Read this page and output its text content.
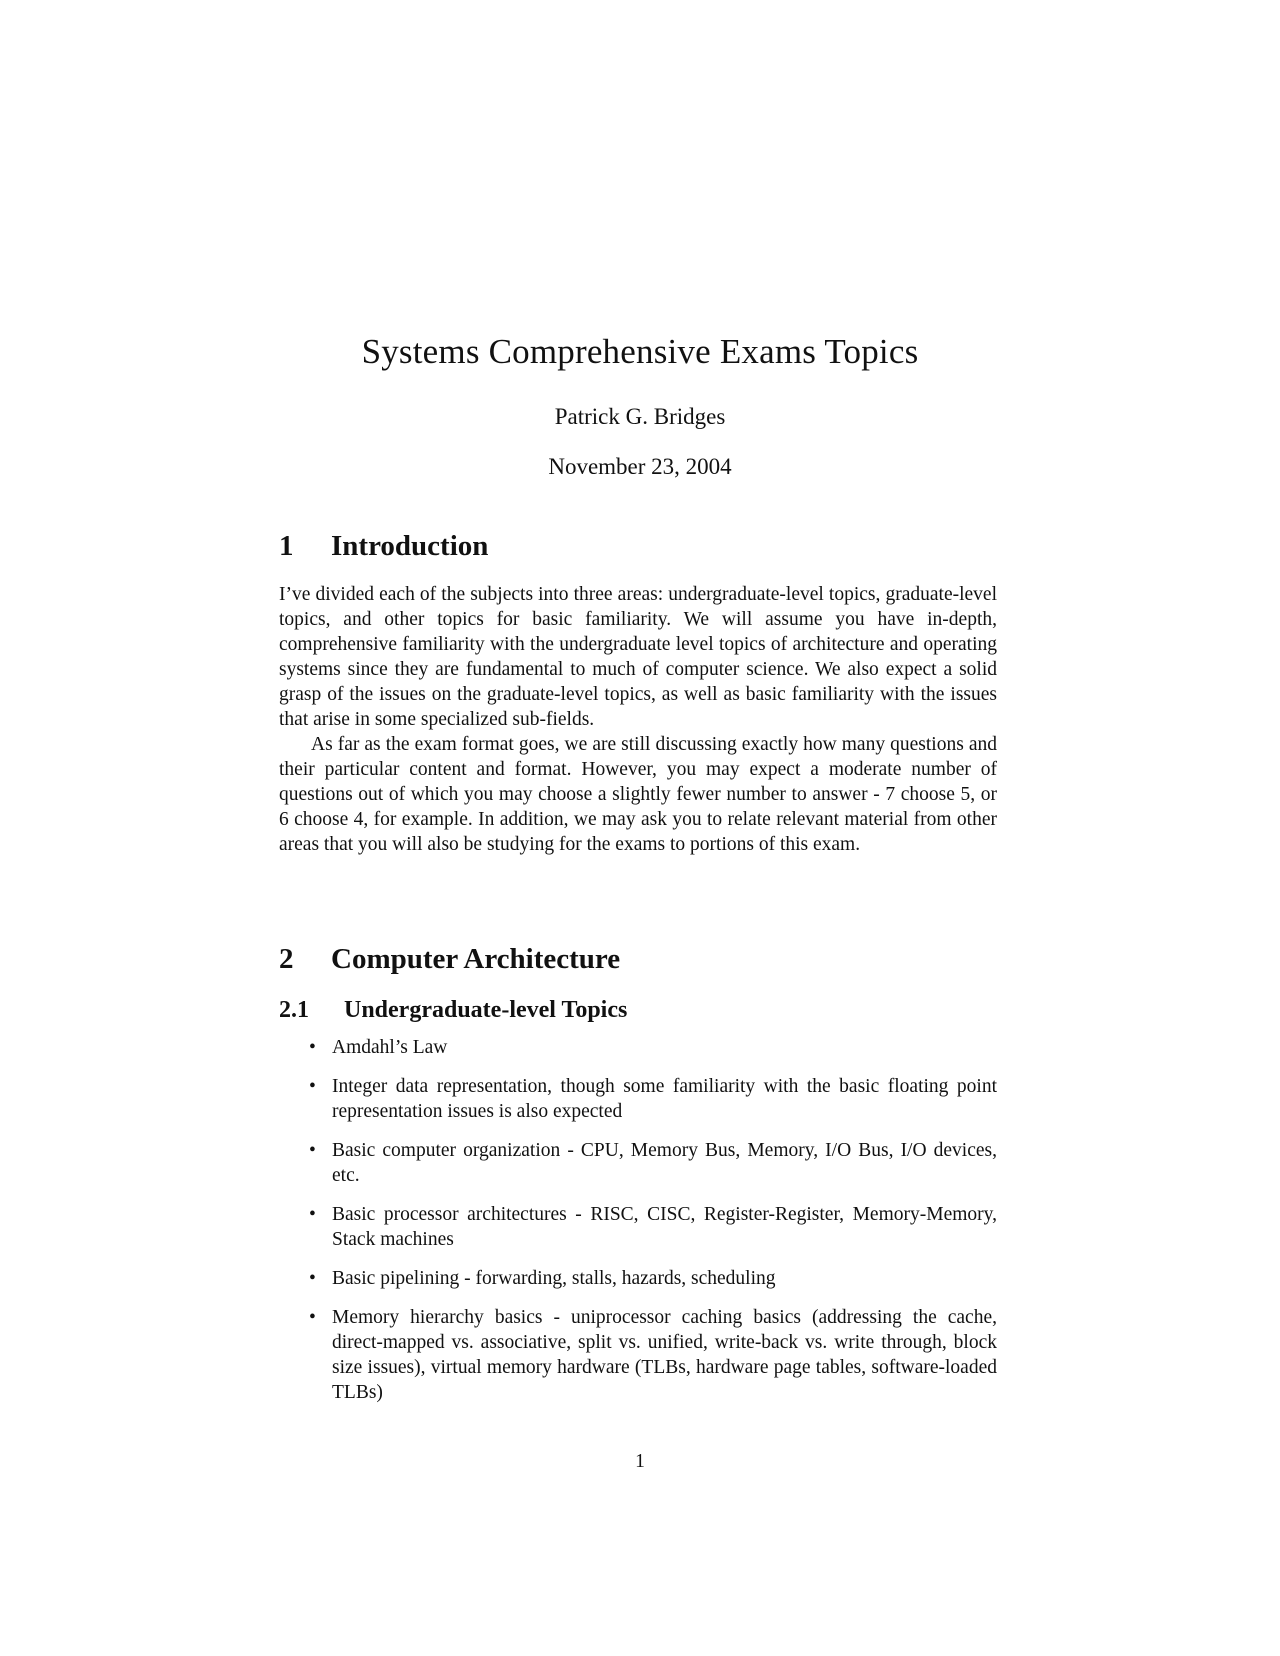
Systems Comprehensive Exams Topics
Patrick G. Bridges
November 23, 2004
1	Introduction

I’ve divided each of the subjects into three areas: undergraduate-level topics, graduate-level topics, and other topics for basic familiarity. We will assume you have in-depth, comprehensive familiarity with the undergraduate level topics of architecture and operating systems since they are fundamental to much of computer science. We also expect a solid grasp of the issues on the graduate-level topics, as well as basic familiarity with the issues that arise in some specialized sub-fields.

As far as the exam format goes, we are still discussing exactly how many questions and their particular content and format. However, you may expect a moderate number of questions out of which you may choose a slightly fewer number to answer - 7 choose 5, or 6 choose 4, for example. In addition, we may ask you to relate relevant material from other areas that you will also be studying for the exams to portions of this exam.

2	Computer Architecture
2.1	Undergraduate-level Topics
• Amdahl’s Law
• Integer data representation, though some familiarity with the basic floating point representation issues is also expected
• Basic computer organization - CPU, Memory Bus, Memory, I/O Bus, I/O devices, etc.
• Basic processor architectures - RISC, CISC, Register-Register, Memory-Memory, Stack machines
• Basic pipelining - forwarding, stalls, hazards, scheduling
• Memory hierarchy basics - uniprocessor caching basics (addressing the cache, direct-mapped vs. associative, split vs. unified, write-back vs. write through, block size issues), virtual memory hardware (TLBs, hardware page tables, software-loaded TLBs)
1
